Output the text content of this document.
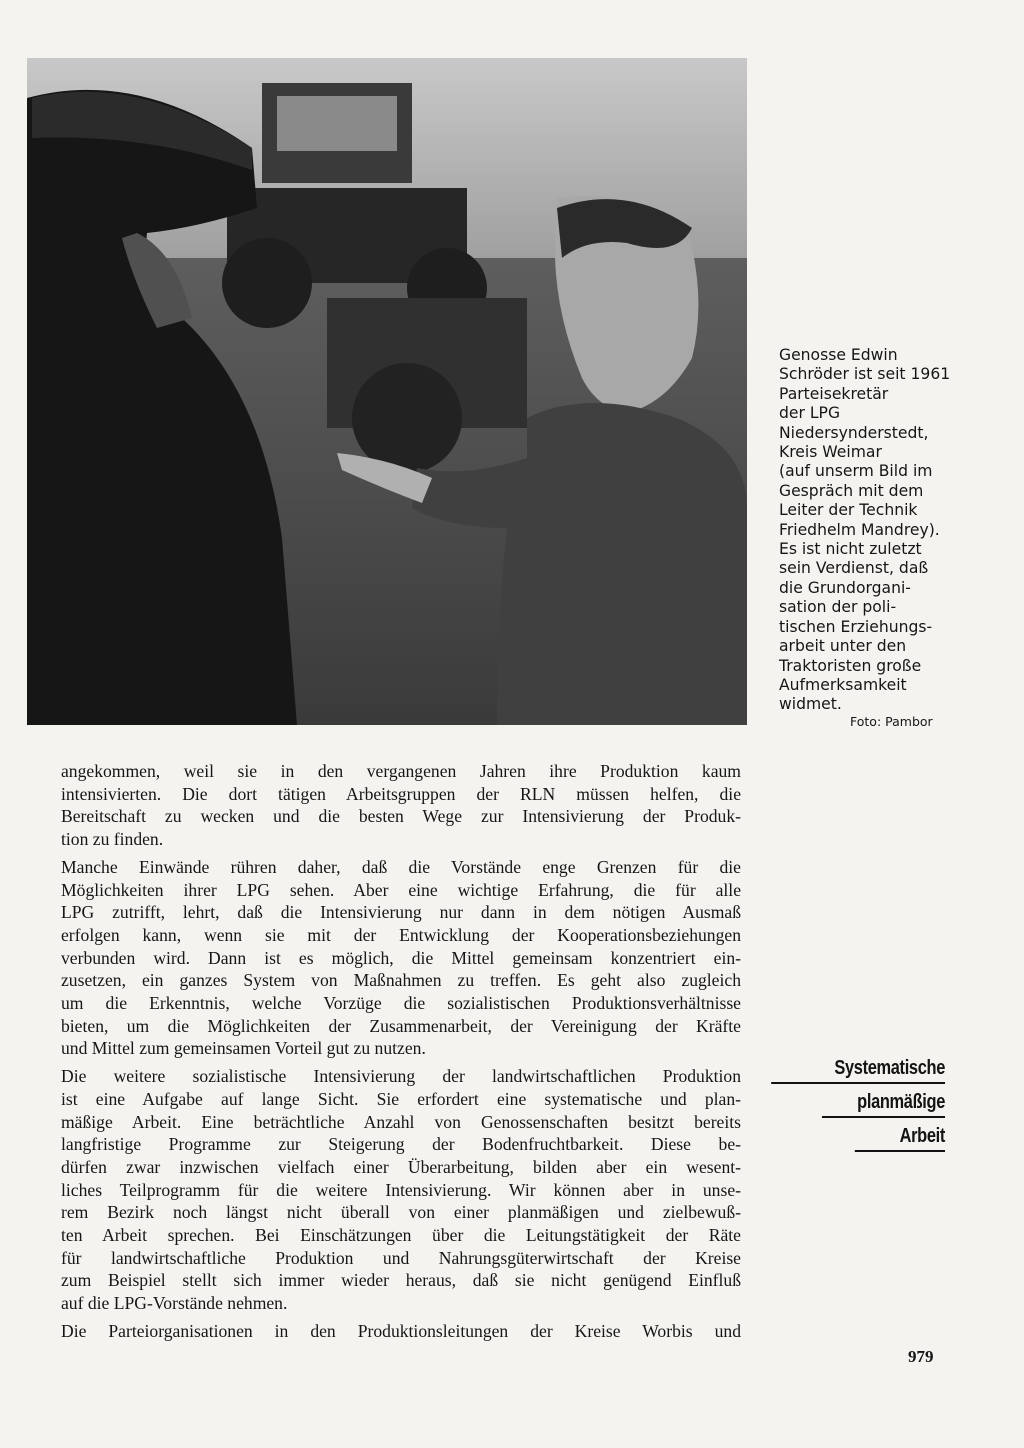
Genosse Edwin
Schröder ist seit 1961
Parteisekretär
der LPG
Niedersynderstedt,
Kreis Weimar
(auf unserm Bild im
Gespräch mit dem
Leiter der Technik
Friedhelm Mandrey).
Es ist nicht zuletzt
sein Verdienst, daß
die Grundorgani-
sation der poli-
tischen Erziehungs-
arbeit unter den
Traktoristen große
Aufmerksamkeit
widmet.
Foto: Pambor
angekommen, weil sie in den vergangenen Jahren ihre Produktion kaum
intensivierten. Die dort tätigen Arbeitsgruppen der RLN müssen helfen, die
Bereitschaft zu wecken und die besten Wege zur Intensivierung der Produk-
tion zu finden.
Manche Einwände rühren daher, daß die Vorstände enge Grenzen für die
Möglichkeiten ihrer LPG sehen. Aber eine wichtige Erfahrung, die für alle
LPG zutrifft, lehrt, daß die Intensivierung nur dann in dem nötigen Ausmaß
erfolgen kann, wenn sie mit der Entwicklung der Kooperationsbeziehungen
verbunden wird. Dann ist es möglich, die Mittel gemeinsam konzentriert ein-
zusetzen, ein ganzes System von Maßnahmen zu treffen. Es geht also zugleich
um die Erkenntnis, welche Vorzüge die sozialistischen Produktionsverhältnisse
bieten, um die Möglichkeiten der Zusammenarbeit, der Vereinigung der Kräfte
und Mittel zum gemeinsamen Vorteil gut zu nutzen.
Die weitere sozialistische Intensivierung der landwirtschaftlichen Produktion
ist eine Aufgabe auf lange Sicht. Sie erfordert eine systematische und plan-
mäßige Arbeit. Eine beträchtliche Anzahl von Genossenschaften besitzt bereits
langfristige Programme zur Steigerung der Bodenfruchtbarkeit. Diese be-
dürfen zwar inzwischen vielfach einer Überarbeitung, bilden aber ein wesent-
liches Teilprogramm für die weitere Intensivierung. Wir können aber in unse-
rem Bezirk noch längst nicht überall von einer planmäßigen und zielbewuß-
ten Arbeit sprechen. Bei Einschätzungen über die Leitungstätigkeit der Räte
für landwirtschaftliche Produktion und Nahrungsgüterwirtschaft der Kreise
zum Beispiel stellt sich immer wieder heraus, daß sie nicht genügend Einfluß
auf die LPG-Vorstände nehmen.
Die Parteiorganisationen in den Produktionsleitungen der Kreise Worbis und
Systematische
planmäßige
Arbeit
979
